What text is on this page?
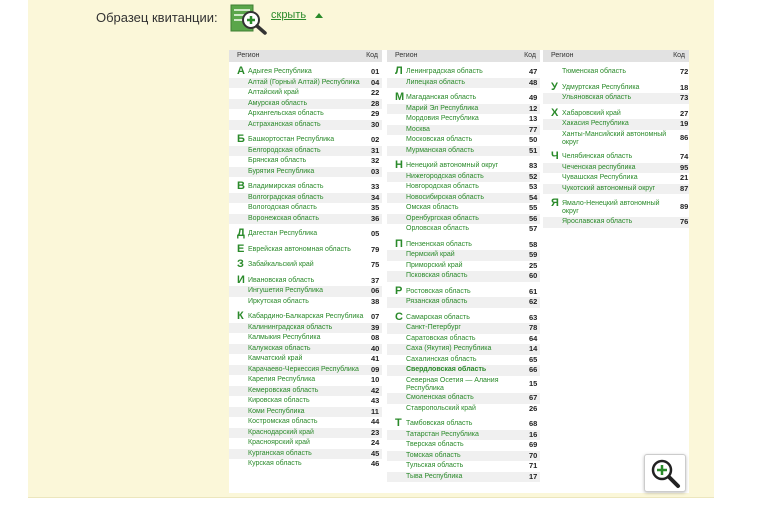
Образец квитанции:	скрыть
Регион	Код
А Адыгея Республика	01
Алтай (Горный Алтай) Республика 04
Алтайский край	22
Амурская область	28
Архангельская область	29
Астраханская область	30
Б Башкортостан Республика	02
Белгородская область	31
Брянская область	32
Бурятия Республика	03
В Владимирская область	33
Волгоградская область	34
Вологодская область	35
Воронежская область	36
Д Дагестан Республика	05
Е Еврейская автономная область	79
З Забайкальский край	75
И Ивановская область	37
Ингушетия Республика	06
Иркутская область	38
К Кабардино-Балкарская Республика 07
Калининградская область	39
Калмыкия Республика	08
Калужская область	40
Камчатский край	41
Карачаево-Черкессия Республика 09
Карелия Республика	10
Кемеровская область	42
Кировская область	43
Коми Республика	11
Костромская область	44
Краснодарский край	23
Красноярский край	24
Курганская область	45
Курская область	46
Регион	Код
Л Ленинградская область	47
Липецкая область	48
М Магаданская область	49
Марий Эл Республика	12
Мордовия Республика	13
Москва	77
Московская область	50
Мурманская область	51
Н Ненецкий автономный округ	83
Нижегородская область	52
Новгородская область	53
Новосибирская область	54
Омская область	55
Оренбургская область	56
Орловская область	57
П Пензенская область	58
Пермский край	59
Приморский край	25
Псковская область	60
Р Ростовская область	61
Рязанская область	62
С Самарская область	63
Санкт-Петербург	78
Саратовская область	64
Саха (Якутия) Республика	14
Сахалинская область	65
Свердловская область	66
Северная Осетия — Алания Республика
15
Смоленская область	67
Ставропольский край	26
Т Тамбовская область	68
Татарстан Республика	16
Тверская область	69
Томская область	70
Тульская область	71
Тыва Республика	17
Регион	Код
Тюменская область	72
У Удмуртская Республика	18
Ульяновская область	73
Х Хабаровский край	27
Хакасия Республика	19
Ханты-Мансийский автономный округ
86
Ч Челябинская область	74
Чеченская республика	95
Чувашская Республика	21
Чукотский автономный округ	87
Я Ямало-Ненецкий автономный округ
89
Ярославская область	76
